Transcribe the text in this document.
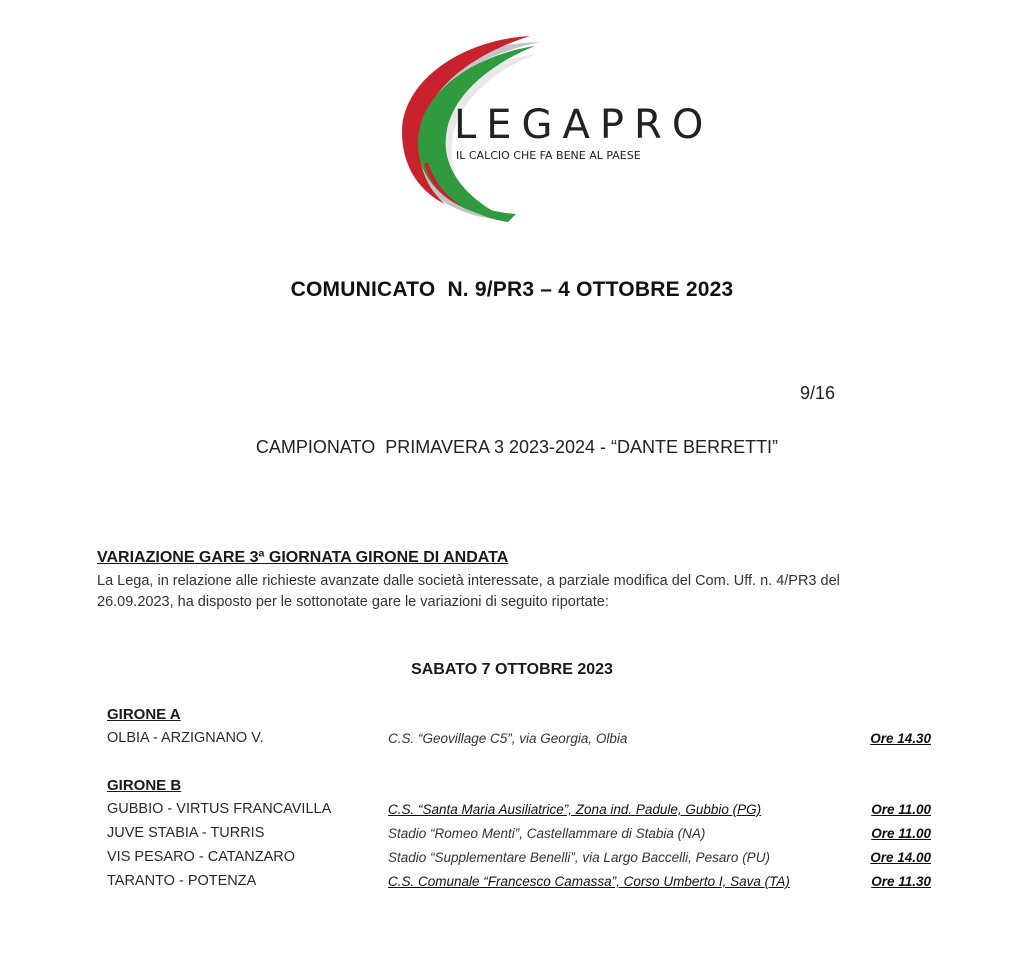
LEGAPRO
IL CALCIO CHE FA BENE AL PAESE
COMUNICATO  N. 9/PR3 – 4 OTTOBRE 2023
9/16
CAMPIONATO  PRIMAVERA 3 2023-2024 - “DANTE BERRETTI”
VARIAZIONE GARE 3ª GIORNATA GIRONE DI ANDATA
La Lega, in relazione alle richieste avanzate dalle società interessate, a parziale modifica del Com. Uff. n. 4/PR3 del 26.09.2023, ha disposto per le sottonotate gare le variazioni di seguito riportate:
SABATO 7 OTTOBRE 2023
GIRONE A
OLBIA - ARZIGNANO V.	C.S. “Geovillage C5”, via Georgia, Olbia	Ore 14.30
GIRONE B
GUBBIO - VIRTUS FRANCAVILLA	C.S. “Santa Maria Ausiliatrice”, Zona ind. Padule, Gubbio (PG)	Ore 11.00
JUVE STABIA - TURRIS	Stadio “Romeo Menti”, Castellammare di Stabia (NA)	Ore 11.00
VIS PESARO - CATANZARO	Stadio “Supplementare Benelli”, via Largo Baccelli, Pesaro (PU)	Ore 14.00
TARANTO - POTENZA	C.S. Comunale “Francesco Camassa”, Corso Umberto I, Sava (TA)	Ore 11.30
